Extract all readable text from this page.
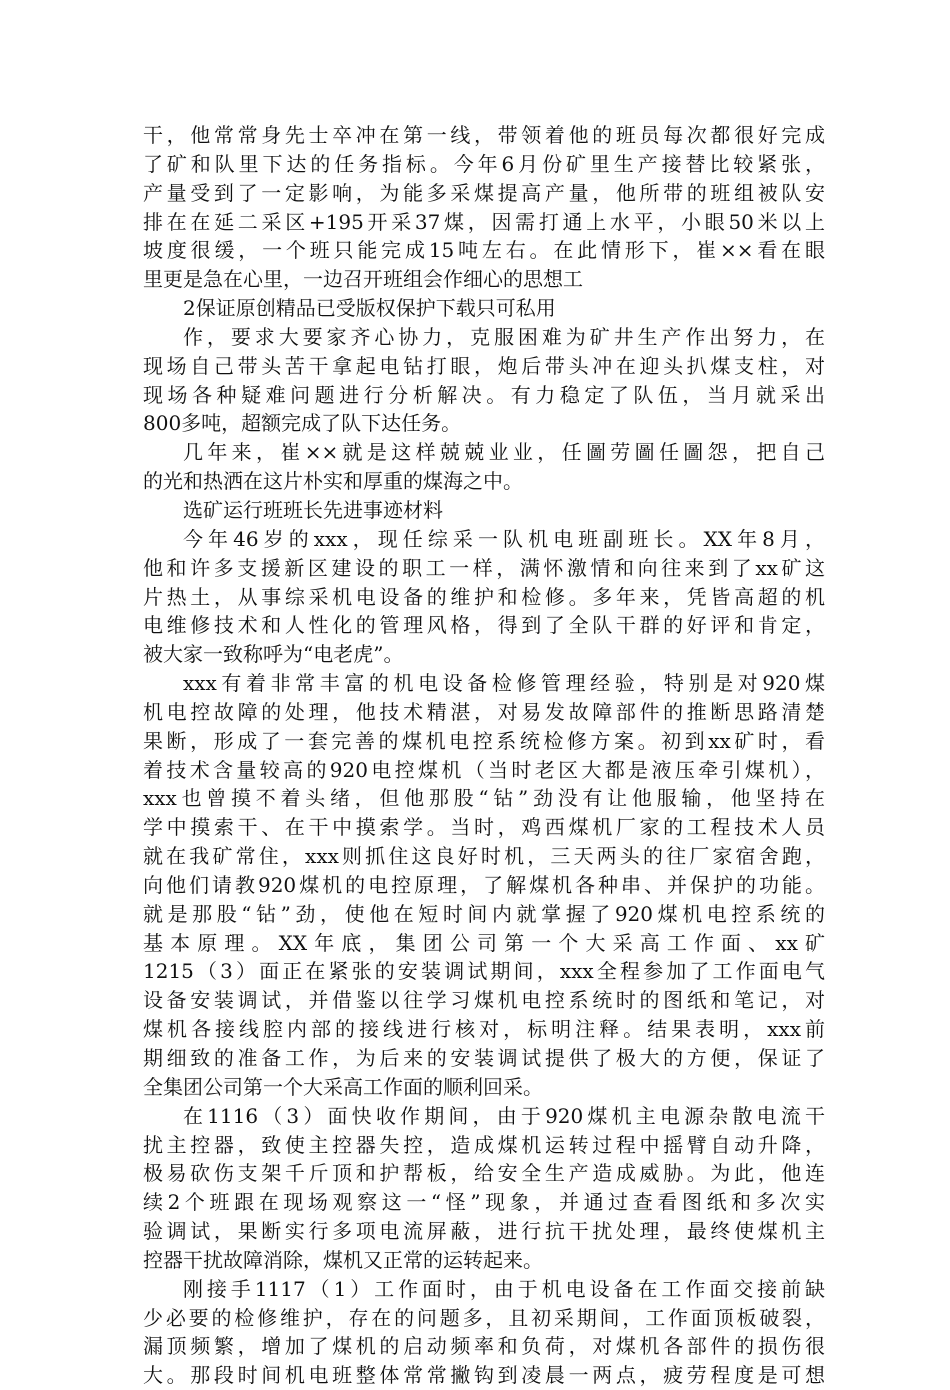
干，他常常身先士卒冲在第一线，带领着他的班员每次都很好完成
了矿和队里下达的任务指标。今年6月份矿里生产接替比较紧张，
产量受到了一定影响，为能多采煤提高产量，他所带的班组被队安
排在在延二采区+195开采37煤，因需打通上水平，小眼50米以上
坡度很缓，一个班只能完成15吨左右。在此情形下，崔××看在眼
里更是急在心里，一边召开班组会作细心的思想工
2保证原创精品已受版权保护下载只可私用
作，要求大要家齐心协力，克服困难为矿井生产作出努力，在
现场自己带头苦干拿起电钻打眼，炮后带头冲在迎头扒煤支柱，对
现场各种疑难问题进行分析解决。有力稳定了队伍，当月就采出
800多吨，超额完成了队下达任务。
几年来，崔××就是这样兢兢业业，任圖劳圖任圖怨，把自己
的光和热洒在这片朴实和厚重的煤海之中。
选矿运行班班长先进事迹材料
今年46岁的xxx，现任综采一队机电班副班长。XX年8月，
他和许多支援新区建设的职工一样，满怀激情和向往来到了xx矿这
片热土，从事综采机电设备的维护和检修。多年来，凭皆高超的机
电维修技术和人性化的管理风格，得到了全队干群的好评和肯定，
被大家一致称呼为“电老虎”。
xxx有着非常丰富的机电设备检修管理经验，特别是对920煤
机电控故障的处理，他技术精湛，对易发故障部件的推断思路清楚
果断，形成了一套完善的煤机电控系统检修方案。初到xx矿时，看
着技术含量较高的920电控煤机（当时老区大都是液压牵引煤机），
xxx也曾摸不着头绪，但他那股“钻”劲没有让他服输，他坚持在
学中摸索干、在干中摸索学。当时，鸡西煤机厂家的工程技术人员
就在我矿常住，xxx则抓住这良好时机，三天两头的往厂家宿舍跑，
向他们请教920煤机的电控原理，了解煤机各种串、并保护的功能。
就是那股“钻”劲，使他在短时间内就掌握了920煤机电控系统的
基本原理。XX年底，集团公司第一个大采高工作面、xx矿
1215（3）面正在紧张的安装调试期间，xxx全程参加了工作面电气
设备安装调试，并借鉴以往学习煤机电控系统时的图纸和笔记，对
煤机各接线腔内部的接线进行核对，标明注释。结果表明，xxx前
期细致的准备工作，为后来的安装调试提供了极大的方便，保证了
全集团公司第一个大采高工作面的顺利回采。
在1116（3）面快收作期间，由于920煤机主电源杂散电流干
扰主控器，致使主控器失控，造成煤机运转过程中摇臂自动升降，
极易砍伤支架千斤顶和护帮板，给安全生产造成威胁。为此，他连
续2个班跟在现场观察这一“怪”现象，并通过查看图纸和多次实
验调试，果断实行多项电流屏蔽，进行抗干扰处理，最终使煤机主
控器干扰故障消除，煤机又正常的运转起来。
刚接手1117（1）工作面时，由于机电设备在工作面交接前缺
少必要的检修维护，存在的问题多，且初采期间，工作面顶板破裂，
漏顶频繁，增加了煤机的启动频率和负荷，对煤机各部件的损伤很
大。那段时间机电班整体常常撇钩到凌晨一两点，疲劳程度是可想
